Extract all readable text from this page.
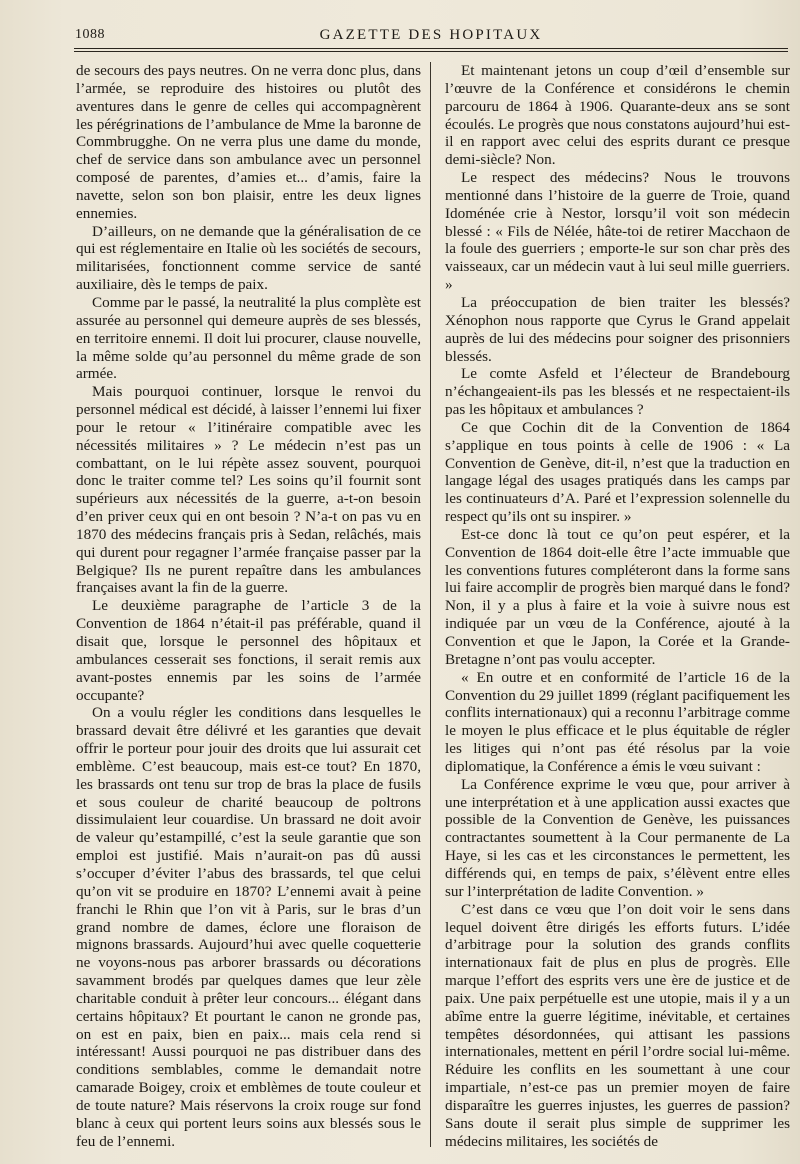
1088	GAZETTE DES HOPITAUX

de secours des pays neutres. On ne verra donc plus, dans l’armée, se reproduire des histoires ou plutôt des aventures dans le genre de celles qui accompagnèrent les pérégrinations de l’ambulance de Mme la baronne de Commbrugghe. On ne verra plus une dame du monde, chef de service dans son ambulance avec un personnel composé de parentes, d’amies et... d’amis, faire la navette, selon son bon plaisir, entre les deux lignes ennemies.

D’ailleurs, on ne demande que la généralisation de ce qui est réglementaire en Italie où les sociétés de secours, militarisées, fonctionnent comme service de santé auxiliaire, dès le temps de paix.

Comme par le passé, la neutralité la plus complète est assurée au personnel qui demeure auprès de ses blessés, en territoire ennemi. Il doit lui procurer, clause nouvelle, la même solde qu’au personnel du même grade de son armée.

Mais pourquoi continuer, lorsque le renvoi du personnel médical est décidé, à laisser l’ennemi lui fixer pour le retour « l’itinéraire compatible avec les nécessités militaires » ? Le médecin n’est pas un combattant, on le lui répète assez souvent, pourquoi donc le traiter comme tel? Les soins qu’il fournit sont supérieurs aux nécessités de la guerre, a-t-on besoin d’en priver ceux qui en ont besoin ? N’a-t on pas vu en 1870 des médecins français pris à Sedan, relâchés, mais qui durent pour regagner l’armée française passer par la Belgique? Ils ne purent repaître dans les ambulances françaises avant la fin de la guerre.

Le deuxième paragraphe de l’article 3 de la Convention de 1864 n’était-il pas préférable, quand il disait que, lorsque le personnel des hôpitaux et ambulances cesserait ses fonctions, il serait remis aux avant-postes ennemis par les soins de l’armée occupante?

On a voulu régler les conditions dans lesquelles le brassard devait être délivré et les garanties que devait offrir le porteur pour jouir des droits que lui assurait cet emblème. C’est beaucoup, mais est-ce tout? En 1870, les brassards ont tenu sur trop de bras la place de fusils et sous couleur de charité beaucoup de poltrons dissimulaient leur couardise. Un brassard ne doit avoir de valeur qu’estampillé, c’est la seule garantie que son emploi est justifié. Mais n’aurait-on pas dû aussi s’occuper d’éviter l’abus des brassards, tel que celui qu’on vit se produire en 1870? L’ennemi avait à peine franchi le Rhin que l’on vit à Paris, sur le bras d’un grand nombre de dames, éclore une floraison de mignons brassards. Aujourd’hui avec quelle coquetterie ne voyons-nous pas arborer brassards ou décorations savamment brodés par quelques dames que leur zèle charitable conduit à prêter leur concours... élégant dans certains hôpitaux? Et pourtant le canon ne gronde pas, on est en paix, bien en paix... mais cela rend si intéressant! Aussi pourquoi ne pas distribuer dans des conditions semblables, comme le demandait notre camarade Boigey, croix et emblèmes de toute couleur et de toute nature? Mais réservons la croix rouge sur fond blanc à ceux qui portent leurs soins aux blessés sous le feu de l’ennemi.

Et maintenant jetons un coup d’œil d’ensemble sur l’œuvre de la Conférence et considérons le chemin parcouru de 1864 à 1906. Quarante-deux ans se sont écoulés. Le progrès que nous constatons aujourd’hui est-il en rapport avec celui des esprits durant ce presque demi-siècle? Non.

Le respect des médecins? Nous le trouvons mentionné dans l’histoire de la guerre de Troie, quand Idoménée crie à Nestor, lorsqu’il voit son médecin blessé : « Fils de Nélée, hâte-toi de retirer Macchaon de la foule des guerriers ; emporte-le sur son char près des vaisseaux, car un médecin vaut à lui seul mille guerriers. »

La préoccupation de bien traiter les blessés? Xénophon nous rapporte que Cyrus le Grand appelait auprès de lui des médecins pour soigner des prisonniers blessés.

Le comte Asfeld et l’électeur de Brandebourg n’échangeaient-ils pas les blessés et ne respectaient-ils pas les hôpitaux et ambulances ?

Ce que Cochin dit de la Convention de 1864 s’applique en tous points à celle de 1906 : « La Convention de Genève, dit-il, n’est que la traduction en langage légal des usages pratiqués dans les camps par les continuateurs d’A. Paré et l’expression solennelle du respect qu’ils ont su inspirer. »

Est-ce donc là tout ce qu’on peut espérer, et la Convention de 1864 doit-elle être l’acte immuable que les conventions futures compléteront dans la forme sans lui faire accomplir de progrès bien marqué dans le fond? Non, il y a plus à faire et la voie à suivre nous est indiquée par un vœu de la Conférence, ajouté à la Convention et que le Japon, la Corée et la Grande-Bretagne n’ont pas voulu accepter.

« En outre et en conformité de l’article 16 de la Convention du 29 juillet 1899 (réglant pacifiquement les conflits internationaux) qui a reconnu l’arbitrage comme le moyen le plus efficace et le plus équitable de régler les litiges qui n’ont pas été résolus par la voie diplomatique, la Conférence a émis le vœu suivant :

La Conférence exprime le vœu que, pour arriver à une interprétation et à une application aussi exactes que possible de la Convention de Genève, les puissances contractantes soumettent à la Cour permanente de La Haye, si les cas et les circonstances le permettent, les différends qui, en temps de paix, s’élèvent entre elles sur l’interprétation de ladite Convention. »

C’est dans ce vœu que l’on doit voir le sens dans lequel doivent être dirigés les efforts futurs. L’idée d’arbitrage pour la solution des grands conflits internationaux fait de plus en plus de progrès. Elle marque l’effort des esprits vers une ère de justice et de paix. Une paix perpétuelle est une utopie, mais il y a un abîme entre la guerre légitime, inévitable, et certaines tempêtes désordonnées, qui attisant les passions internationales, mettent en péril l’ordre social lui-même. Réduire les conflits en les soumettant à une cour impartiale, n’est-ce pas un premier moyen de faire disparaître les guerres injustes, les guerres de passion? Sans doute il serait plus simple de supprimer les médecins militaires, les sociétés de
